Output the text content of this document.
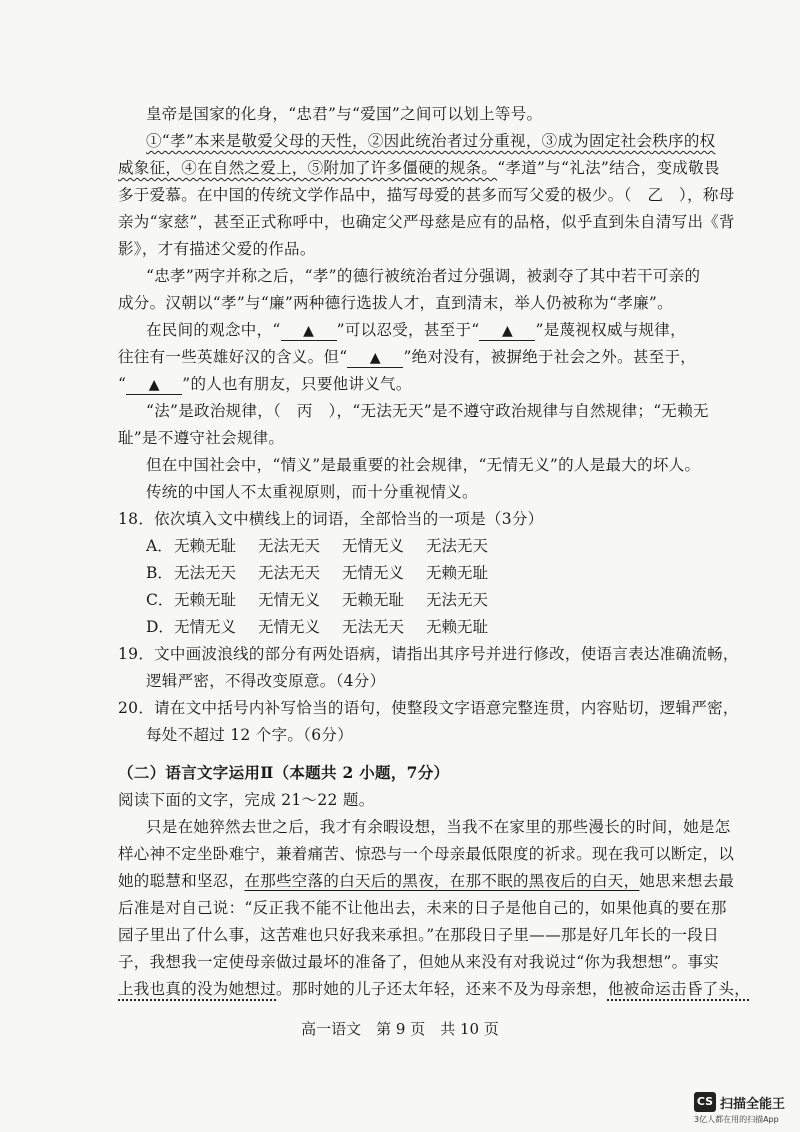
皇帝是国家的化身，“忠君”与“爱国”之间可以划上等号。
①“孝”本来是敬爱父母的天性，②因此统治者过分重视，③成为固定社会秩序的权
威象征，④在自然之爱上，⑤附加了许多僵硬的规条。“孝道”与“礼法”结合，变成敬畏
多于爱慕。在中国的传统文学作品中，描写母爱的甚多而写父爱的极少。（　乙　），称母
亲为“家慈”，甚至正式称呼中，也确定父严母慈是应有的品格，似乎直到朱自清写出《背
影》，才有描述父爱的作品。
“忠孝”两字并称之后，“孝”的德行被统治者过分强调，被剥夺了其中若干可亲的
成分。汉朝以“孝”与“廉”两种德行选拔人才，直到清末，举人仍被称为“孝廉”。
在民间的观念中，“ ▲ ”可以忍受，甚至于“ ▲ ”是蔑视权威与规律，
往往有一些英雄好汉的含义。但“ ▲ ”绝对没有，被摒绝于社会之外。甚至于，
“ ▲ ”的人也有朋友，只要他讲义气。
“法”是政治规律，（　丙　），“无法无天”是不遵守政治规律与自然规律；“无赖无
耻”是不遵守社会规律。
但在中国社会中，“情义”是最重要的社会规律，“无情无义”的人是最大的坏人。
传统的中国人不太重视原则，而十分重视情义。
18．依次填入文中横线上的词语，全部恰当的一项是（3分）
A．无赖无耻 无法无天 无情无义 无法无天
B．无法无天 无法无天 无情无义 无赖无耻
C．无赖无耻 无情无义 无赖无耻 无法无天
D．无情无义 无情无义 无法无天 无赖无耻
19．文中画波浪线的部分有两处语病，请指出其序号并进行修改，使语言表达准确流畅，
逻辑严密，不得改变原意。（4分）
20．请在文中括号内补写恰当的语句，使整段文字语意完整连贯，内容贴切，逻辑严密，
每处不超过 12 个字。（6分）
（二）语言文字运用Ⅱ（本题共 2 小题，7分）
阅读下面的文字，完成 21～22 题。
只是在她猝然去世之后，我才有余暇设想，当我不在家里的那些漫长的时间，她是怎
样心神不定坐卧难宁，兼着痛苦、惊恐与一个母亲最低限度的祈求。现在我可以断定，以
她的聪慧和坚忍，在那些空落的白天后的黑夜，在那不眠的黑夜后的白天，她思来想去最
后准是对自己说：“反正我不能不让他出去，未来的日子是他自己的，如果他真的要在那
园子里出了什么事，这苦难也只好我来承担。”在那段日子里——那是好几年长的一段日
子，我想我一定使母亲做过最坏的准备了，但她从来没有对我说过“你为我想想”。事实
上我也真的没为她想过。那时她的儿子还太年轻，还来不及为母亲想，他被命运击昏了头，
高一语文　第 9 页　共 10 页
CS 扫描全能王
3亿人都在用的扫描App
